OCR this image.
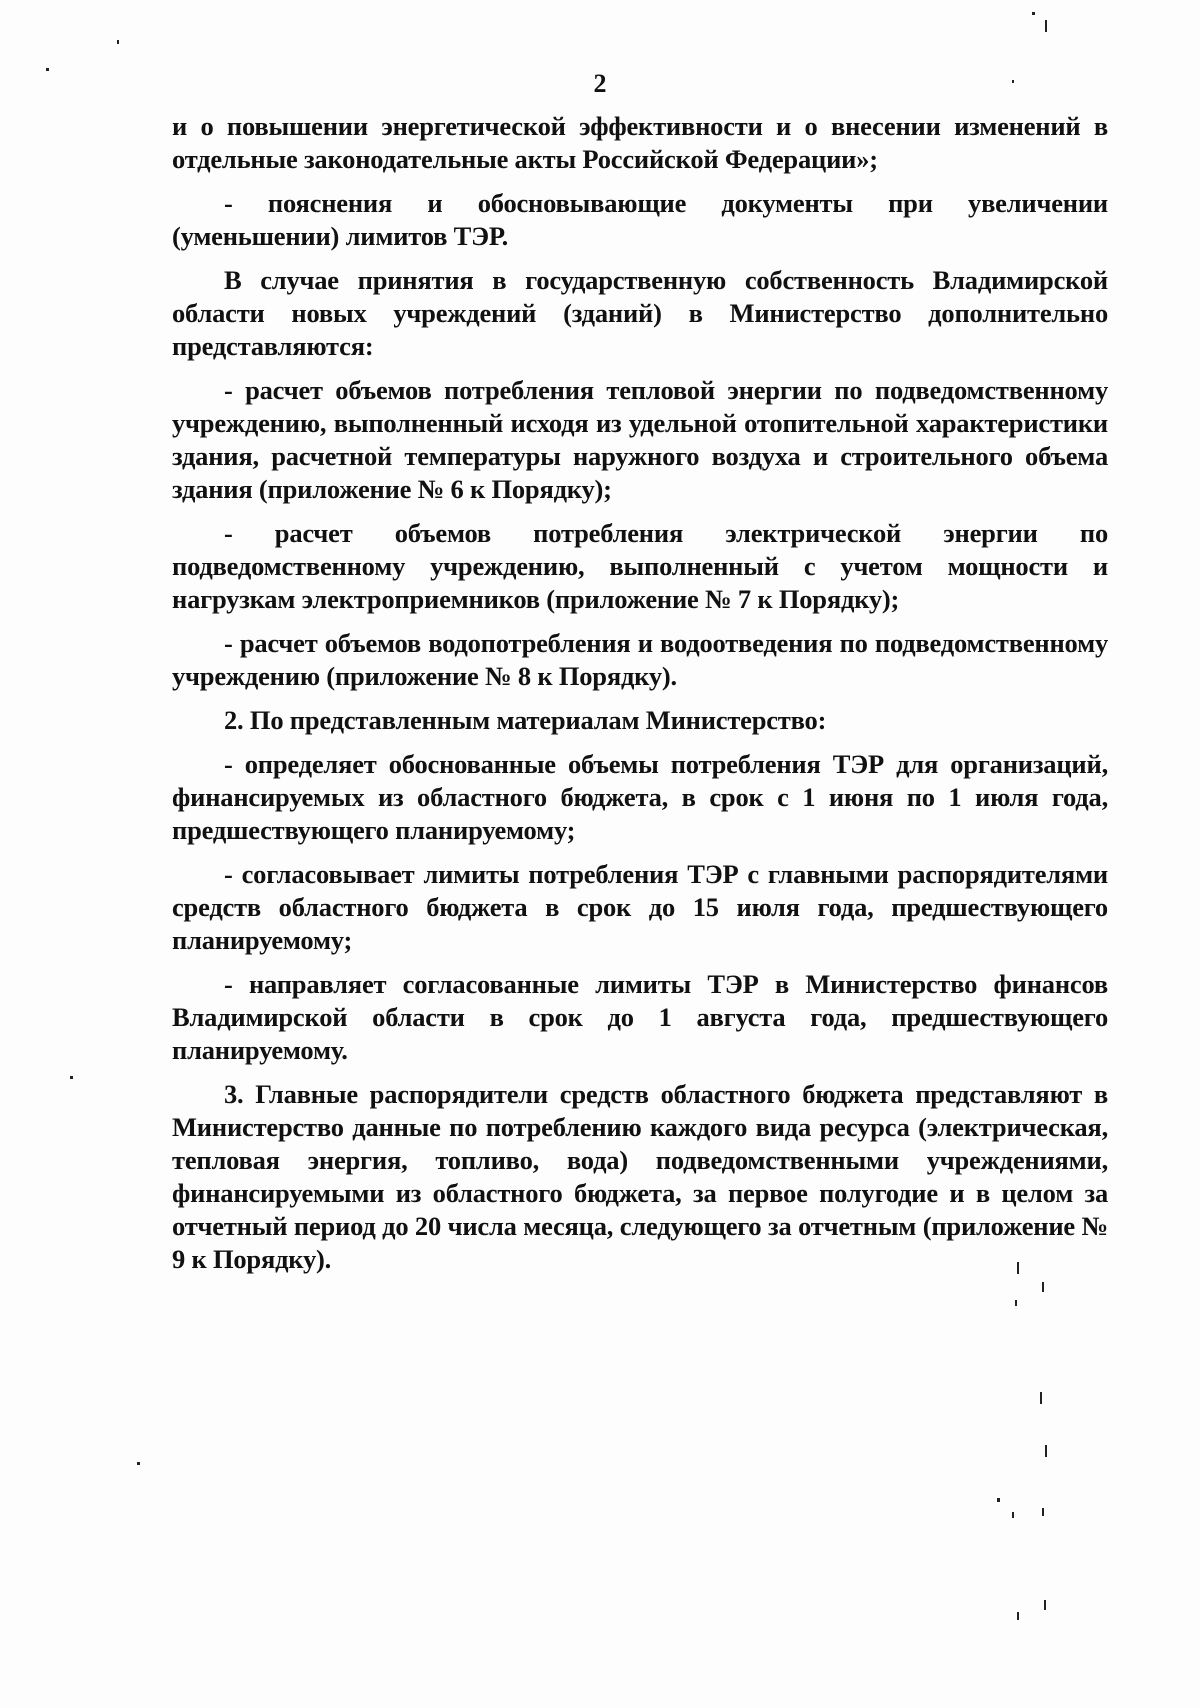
2

и о повышении энергетической эффективности и о внесении изменений в отдельные законодательные акты Российской Федерации»;

- пояснения и обосновывающие документы при увеличении (уменьшении) лимитов ТЭР.

В случае принятия в государственную собственность Владимирской области новых учреждений (зданий) в Министерство дополнительно представляются:

- расчет объемов потребления тепловой энергии по подведомственному учреждению, выполненный исходя из удельной отопительной характеристики здания, расчетной температуры наружного воздуха и строительного объема здания (приложение № 6 к Порядку);

- расчет объемов потребления электрической энергии по подведомственному учреждению, выполненный с учетом мощности и нагрузкам электроприемников (приложение № 7 к Порядку);

- расчет объемов водопотребления и водоотведения по подведомственному учреждению (приложение № 8 к Порядку).

2. По представленным материалам Министерство:

- определяет обоснованные объемы потребления ТЭР для организаций, финансируемых из областного бюджета, в срок с 1 июня по 1 июля года, предшествующего планируемому;

- согласовывает лимиты потребления ТЭР с главными распорядителями средств областного бюджета в срок до 15 июля года, предшествующего планируемому;

- направляет согласованные лимиты ТЭР в Министерство финансов Владимирской области в срок до 1 августа года, предшествующего планируемому.

3. Главные распорядители средств областного бюджета представляют в Министерство данные по потреблению каждого вида ресурса (электрическая, тепловая энергия, топливо, вода) подведомственными учреждениями, финансируемыми из областного бюджета, за первое полугодие и в целом за отчетный период до 20 числа месяца, следующего за отчетным (приложение № 9 к Порядку).
